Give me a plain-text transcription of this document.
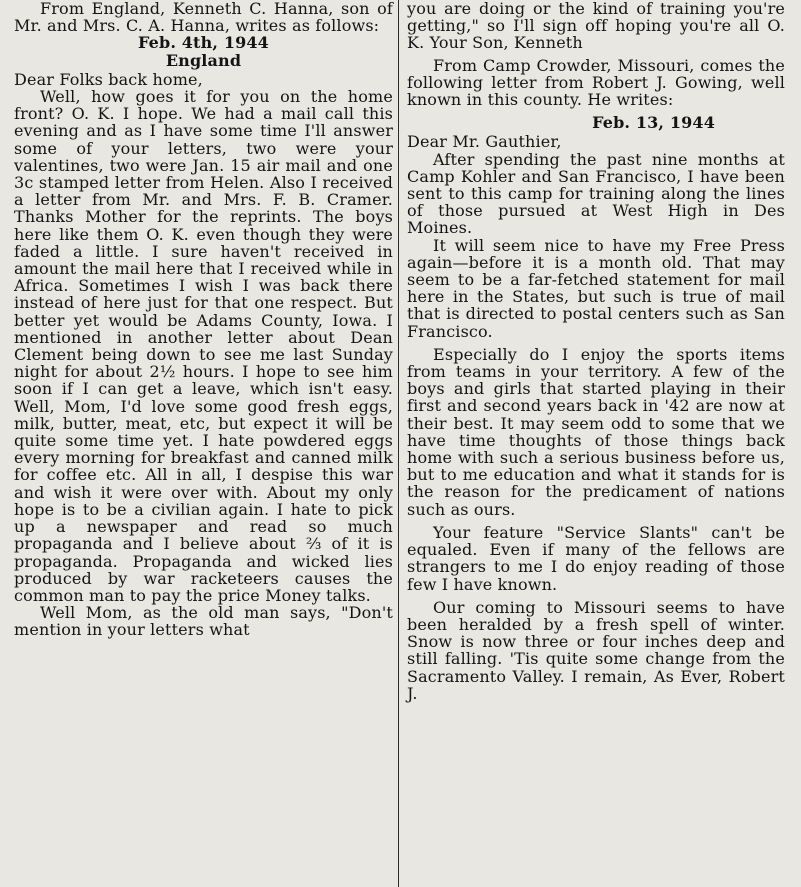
From England, Kenneth C. Hanna, son of Mr. and Mrs. C. A. Hanna, writes as follows:

Feb. 4th, 1944

England

Dear Folks back home,

Well, how goes it for you on the home front? O. K. I hope. We had a mail call this evening and as I have some time I'll answer some of your letters, two were your valentines, two were Jan. 15 air mail and one 3c stamped letter from Helen. Also I received a letter from Mr. and Mrs. F. B. Cramer. Thanks Mother for the reprints. The boys here like them O. K. even though they were faded a little. I sure haven't received in amount the mail here that I received while in Africa. Sometimes I wish I was back there instead of here just for that one respect. But better yet would be Adams County, Iowa. I mentioned in another letter about Dean Clement being down to see me last Sunday night for about 2½ hours. I hope to see him soon if I can get a leave, which isn't easy. Well, Mom, I'd love some good fresh eggs, milk, butter, meat, etc, but expect it will be quite some time yet. I hate powdered eggs every morning for breakfast and canned milk for coffee etc. All in all, I despise this war and wish it were over with. About my only hope is to be a civilian again. I hate to pick up a newspaper and read so much propaganda and I believe about ⅔ of it is propaganda. Propaganda and wicked lies produced by war racketeers causes the common man to pay the price Money talks.

Well Mom, as the old man says, "Don't mention in your letters what

you are doing or the kind of training you're getting," so I'll sign off hoping you're all O. K. Your Son, Kenneth

From Camp Crowder, Missouri, comes the following letter from Robert J. Gowing, well known in this county. He writes:

Feb. 13, 1944

Dear Mr. Gauthier,

After spending the past nine months at Camp Kohler and San Francisco, I have been sent to this camp for training along the lines of those pursued at West High in Des Moines.

It will seem nice to have my Free Press again—before it is a month old. That may seem to be a far-fetched statement for mail here in the States, but such is true of mail that is directed to postal centers such as San Francisco.

Especially do I enjoy the sports items from teams in your territory. A few of the boys and girls that started playing in their first and second years back in '42 are now at their best. It may seem odd to some that we have time thoughts of those things back home with such a serious business before us, but to me education and what it stands for is the reason for the predicament of nations such as ours.

Your feature "Service Slants" can't be equaled. Even if many of the fellows are strangers to me I do enjoy reading of those few I have known.

Our coming to Missouri seems to have been heralded by a fresh spell of winter. Snow is now three or four inches deep and still falling. 'Tis quite some change from the Sacramento Valley. I remain, As Ever, Robert J.
